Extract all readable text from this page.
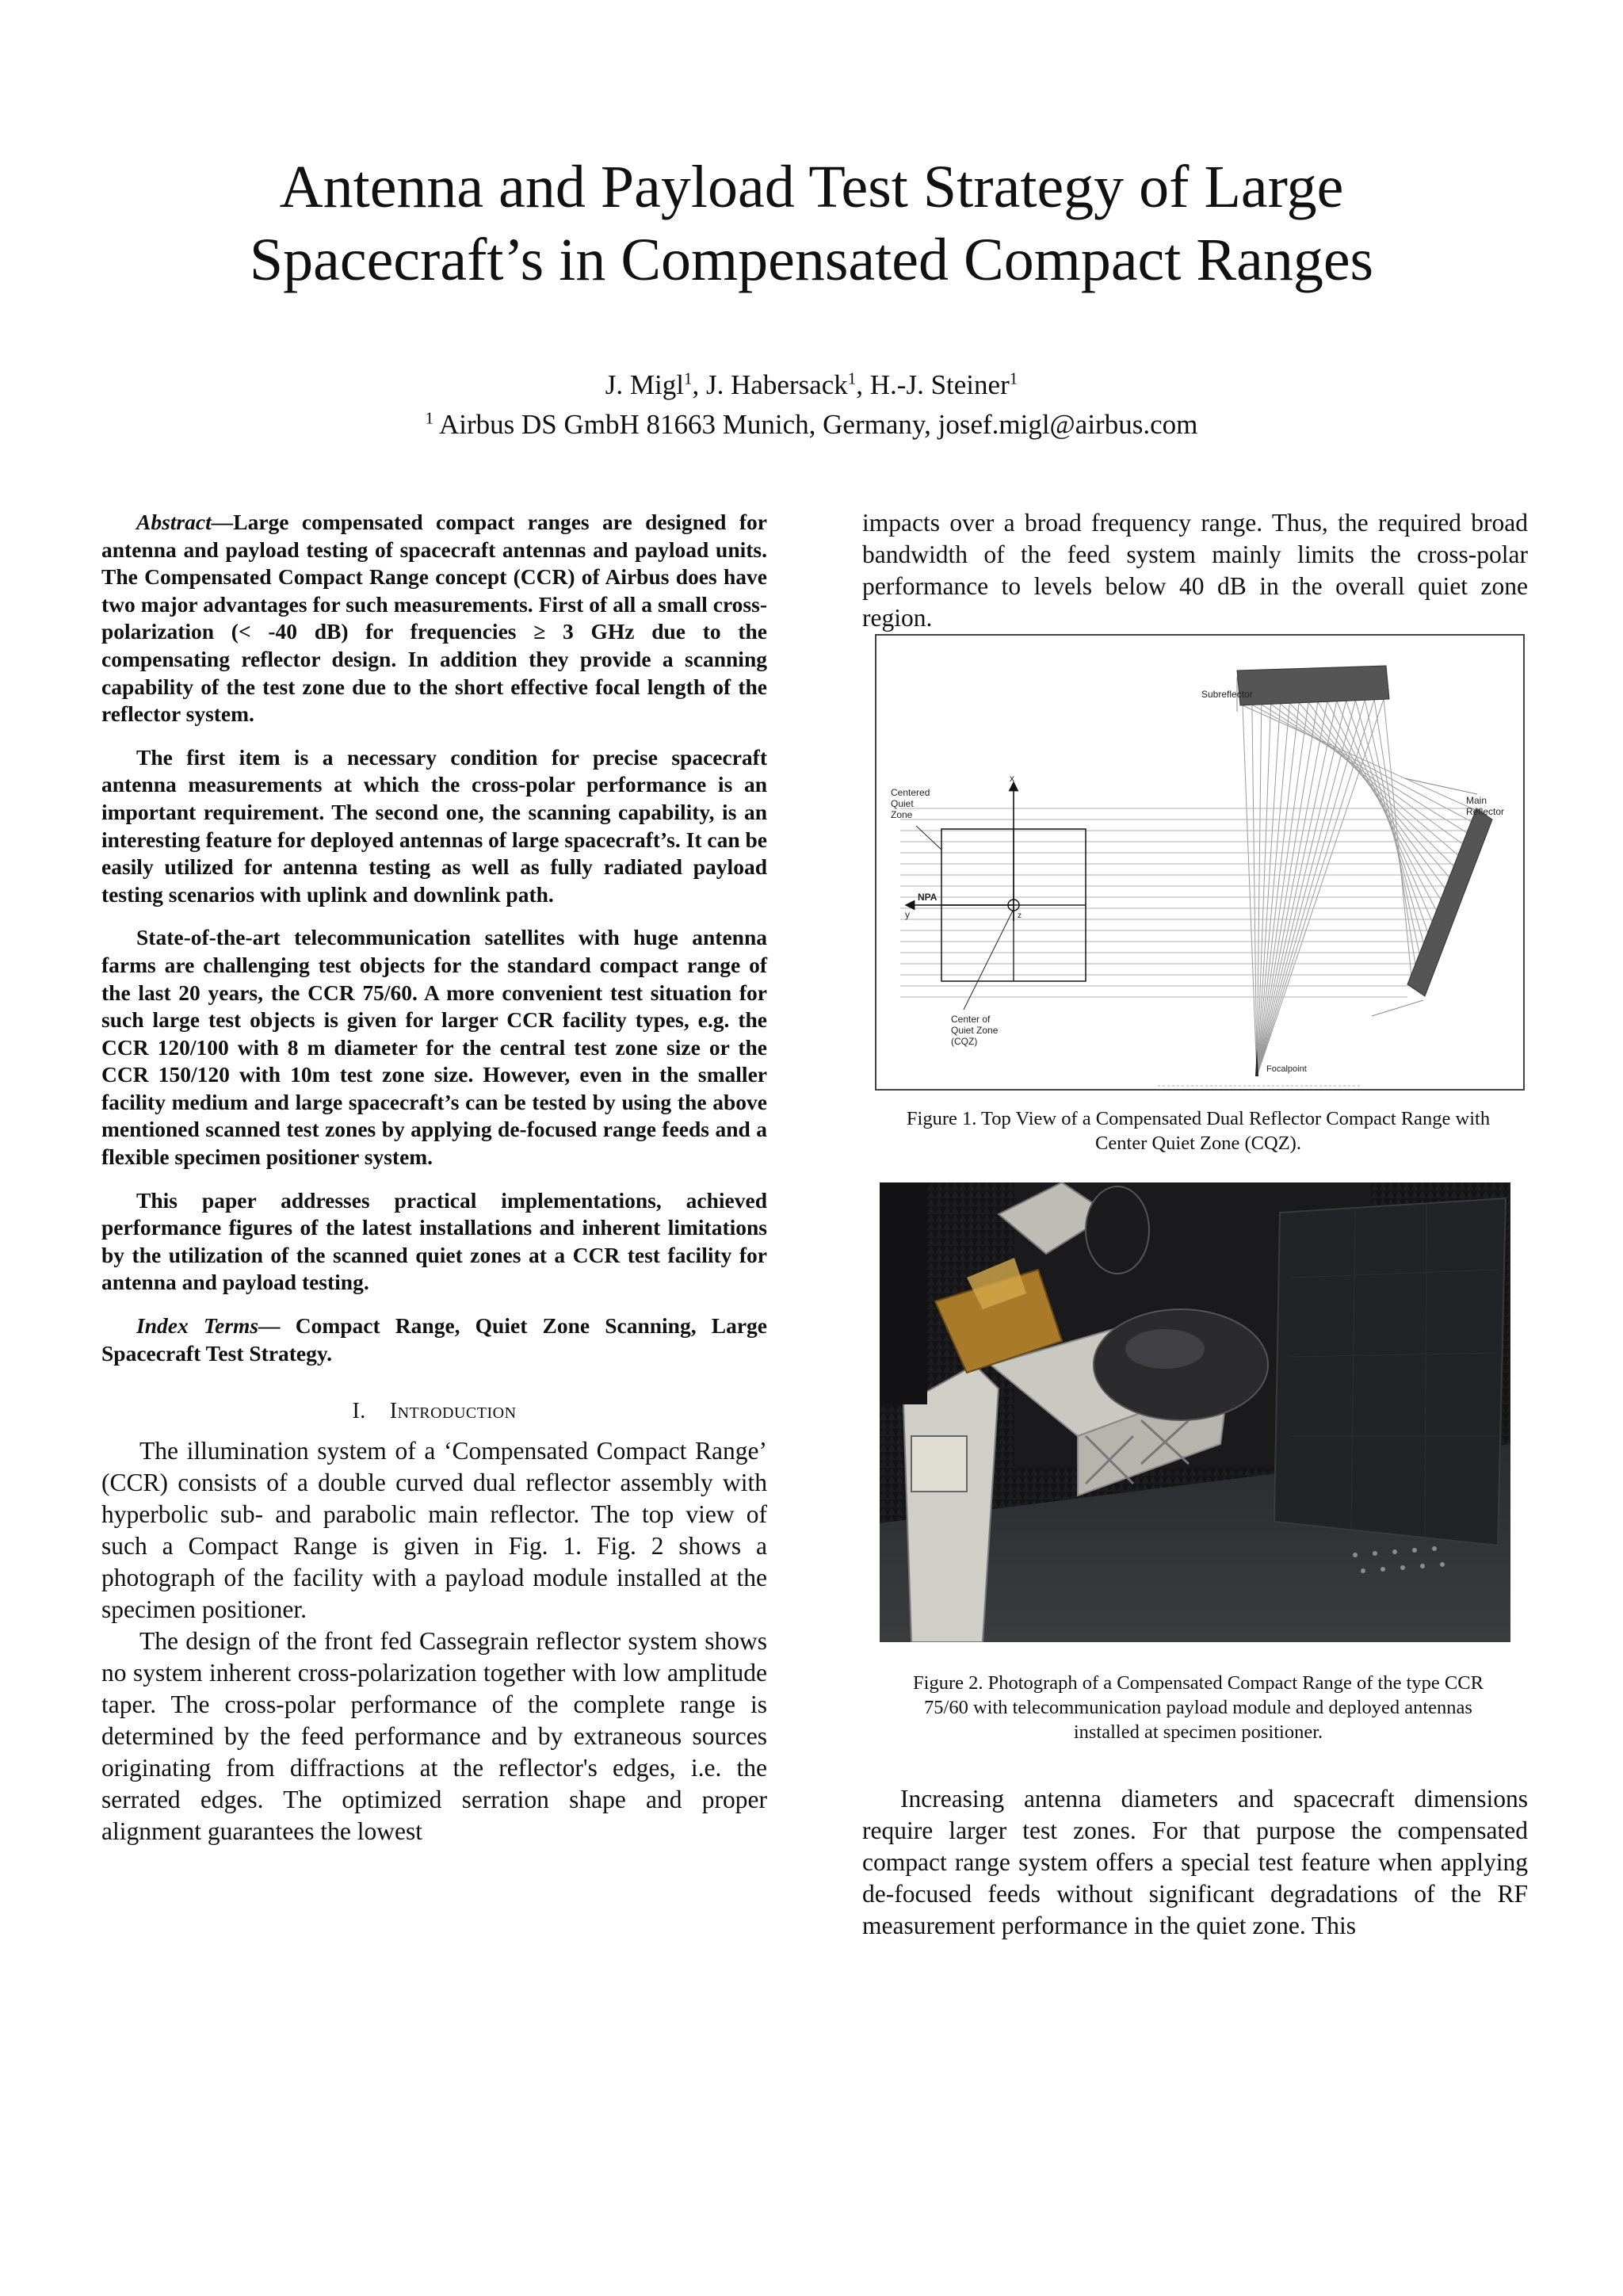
Antenna and Payload Test Strategy of Large
Spacecraft’s in Compensated Compact Ranges
J. Migl$^1$, J. Habersack$^1$, H.-J. Steiner$^1$
$^1$ Airbus DS GmbH 81663 Munich, Germany, josef.migl@airbus.com

Abstract—Large compensated compact ranges are designed for antenna and payload testing of spacecraft antennas and payload units. The Compensated Compact Range concept (CCR) of Airbus does have two major advantages for such measurements. First of all a small cross-polarization (< -40 dB) for frequencies ≥ 3 GHz due to the compensating reflector design. In addition they provide a scanning capability of the test zone due to the short effective focal length of the reflector system.

The first item is a necessary condition for precise spacecraft antenna measurements at which the cross-polar performance is an important requirement. The second one, the scanning capability, is an interesting feature for deployed antennas of large spacecraft’s. It can be easily utilized for antenna testing as well as fully radiated payload testing scenarios with uplink and downlink path.

State-of-the-art telecommunication satellites with huge antenna farms are challenging test objects for the standard compact range of the last 20 years, the CCR 75/60. A more convenient test situation for such large test objects is given for larger CCR facility types, e.g. the CCR 120/100 with 8 m diameter for the central test zone size or the CCR 150/120 with 10m test zone size. However, even in the smaller facility medium and large spacecraft’s can be tested by using the above mentioned scanned test zones by applying de-focused range feeds and a flexible specimen positioner system.

This paper addresses practical implementations, achieved performance figures of the latest installations and inherent limitations by the utilization of the scanned quiet zones at a CCR test facility for antenna and payload testing.

Index Terms— Compact Range, Quiet Zone Scanning, Large Spacecraft Test Strategy.

I. Introduction

The illumination system of a ‘Compensated Compact Range’ (CCR) consists of a double curved dual reflector assembly with hyperbolic sub- and parabolic main reflector. The top view of such a Compact Range is given in Fig. 1. Fig. 2 shows a photograph of the facility with a payload module installed at the specimen positioner.

The design of the front fed Cassegrain reflector system shows no system inherent cross-polarization together with low amplitude taper. The cross-polar performance of the complete range is determined by the feed performance and by extraneous sources originating from diffractions at the reflector's edges, i.e. the serrated edges. The optimized serration shape and proper alignment guarantees the lowest

impacts over a broad frequency range. Thus, the required broad bandwidth of the feed system mainly limits the cross-polar performance to levels below 40 dB in the overall quiet zone region.

Subreflector
Main
Reflector
Centered
Quiet
Zone
x
y	z
NPA
Center of
Quiet Zone
(CQZ)
Focalpoint
Figure 1. Top View of a Compensated Dual Reflector Compact Range with
Center Quiet Zone (CQZ).
Figure 2. Photograph of a Compensated Compact Range of the type CCR
75/60 with telecommunication payload module and deployed antennas
installed at specimen positioner.

Increasing antenna diameters and spacecraft dimensions require larger test zones. For that purpose the compensated compact range system offers a special test feature when applying de-focused feeds without significant degradations of the RF measurement performance in the quiet zone. This
